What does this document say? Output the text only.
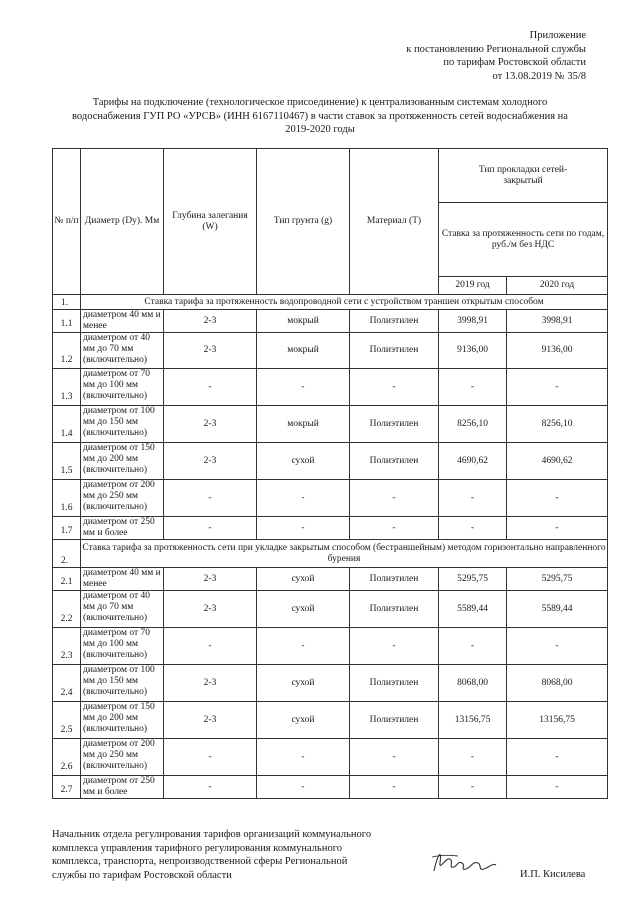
Приложение
к постановлению Региональной службы
по тарифам Ростовской области
от 13.08.2019 № 35/8
Тарифы на подключение (технологическое присоединение) к централизованным системам холодного водоснабжения ГУП РО «УРСВ» (ИНН 6167110467) в части ставок за протяженность сетей водоснабжения на 2019-2020 годы
№ п/п	Диаметр (Dу). Мм	Глубина залегания (W)	Тип грунта (g)	Материал (T)	Тип прокладки сетей- закрытый	
					Ставка за протяженность сети по годам, руб./м без НДС	
					2019 год	2020 год
1.	Ставка тарифа за протяженность водопроводной сети с устройством траншеи открытым способом					
1.1	диаметром 40 мм и менее	2-3	мокрый	Полиэтилен	3998,91	3998,91
1.2	диаметром от 40 мм до 70 мм (включительно)	2-3	мокрый	Полиэтилен	9136,00	9136,00
1.3	диаметром от 70 мм до 100 мм (включительно)	-	-	-	-	-
1.4	диаметром от 100 мм до 150 мм (включительно)	2-3	мокрый	Полиэтилен	8256,10	8256,10
1.5	диаметром от 150 мм до 200 мм (включительно)	2-3	сухой	Полиэтилен	4690,62	4690,62
1.6	диаметром от 200 мм до 250 мм (включительно)	-	-	-	-	-
1.7	диаметром от 250 мм и более	-	-	-	-	-
2.	Ставка тарифа за протяженность сети при укладке закрытым способом (бестраншейным) методом горизонтально направленного бурения					
2.1	диаметром 40 мм и менее	2-3	сухой	Полиэтилен	5295,75	5295,75
2.2	диаметром от 40 мм до 70 мм (включительно)	2-3	сухой	Полиэтилен	5589,44	5589,44
2.3	диаметром от 70 мм до 100 мм (включительно)	-	-	-	-	-
2.4	диаметром от 100 мм до 150 мм (включительно)	2-3	сухой	Полиэтилен	8068,00	8068,00
2.5	диаметром от 150 мм до 200 мм (включительно)	2-3	сухой	Полиэтилен	13156,75	13156,75
2.6	диаметром от 200 мм до 250 мм (включительно)	-	-	-	-	-
2.7	диаметром от 250 мм и более	-	-	-	-	-
Начальник отдела регулирования тарифов организаций коммунального
комплекса управления тарифного регулирования коммунального
комплекса, транспорта, непроизводственной сферы Региональной
службы по тарифам Ростовской области	И.П. Кисилева
